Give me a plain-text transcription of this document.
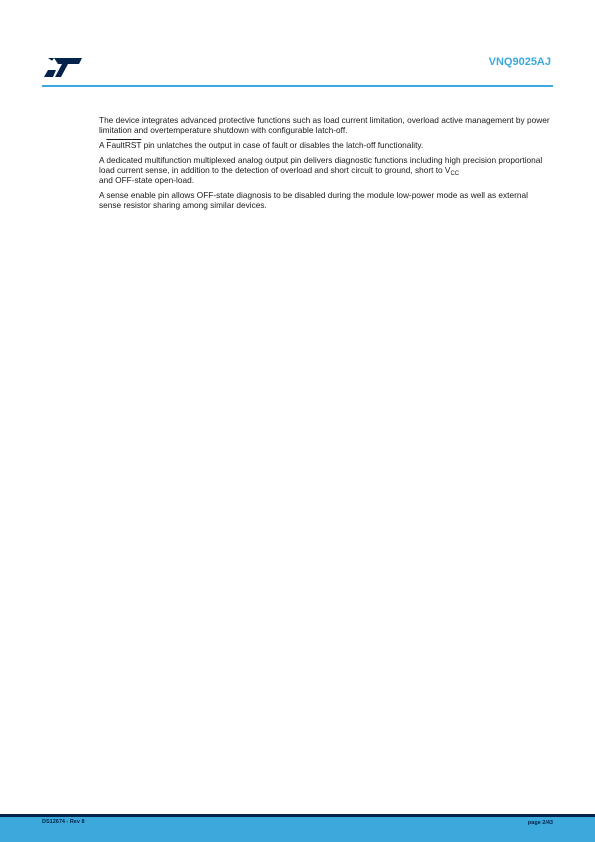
VNQ9025AJ

The device integrates advanced protective functions such as load current limitation, overload active management by power limitation and overtemperature shutdown with configurable latch-off.

A FaultRST pin unlatches the output in case of fault or disables the latch-off functionality.

A dedicated multifunction multiplexed analog output pin delivers diagnostic functions including high precision proportional load current sense, in addition to the detection of overload and short circuit to ground, short to $V_{CC}$
and OFF-state open-load.

A sense enable pin allows OFF-state diagnosis to be disabled during the module low-power mode as well as external sense resistor sharing among similar devices.

DS12674 - Rev 8	page 2/43
